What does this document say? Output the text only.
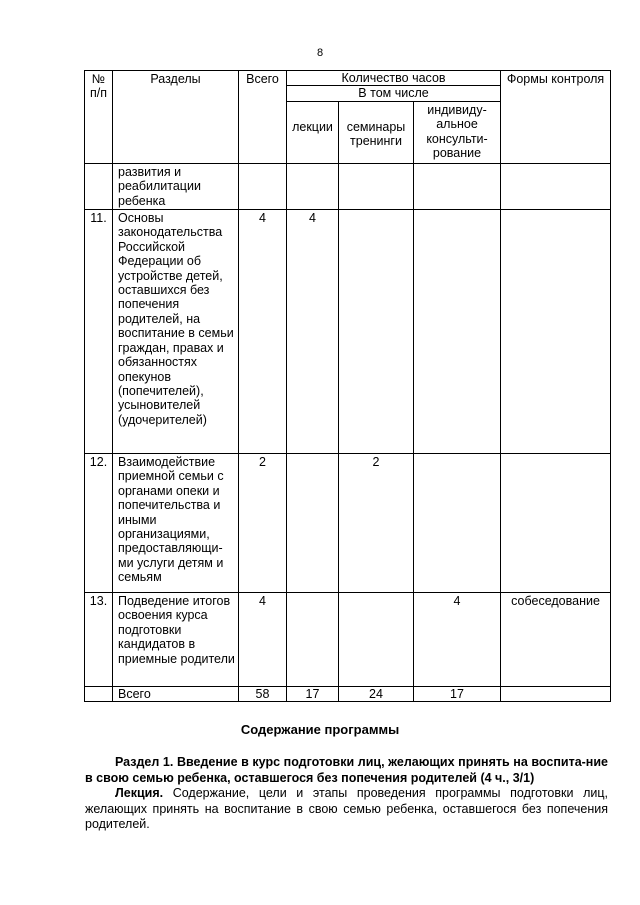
8
№ п/п	Разделы	Всего	Количество часов			Формы контроля
			В том числе			
			лекции	семинары тренинги	индивиду-альное консульти-рование	
	развития и реабилитации ребенка					
11.	Основы законодательства Российской Федерации об устройстве детей, оставшихся без попечения родителей, на воспитание в семьи граждан, правах и обязанностях опекунов (попечителей), усыновителей (удочерителей)	4	4			
12.	Взаимодействие приемной семьи с органами опеки и попечительства и иными организациями, предоставляющи-ми услуги детям и семьям	2		2		
13.	Подведение итогов освоения курса подготовки кандидатов в приемные родители	4			4	собеседование
	Всего	58	17	24	17	
Содержание программы

Раздел 1. Введение в курс подготовки лиц, желающих принять на воспита-ние в свою семью ребенка, оставшегося без попечения родителей (4 ч., 3/1)

Лекция. Содержание, цели и этапы проведения программы подготовки лиц, желающих принять на воспитание в свою семью ребенка, оставшегося без попечения родителей.
